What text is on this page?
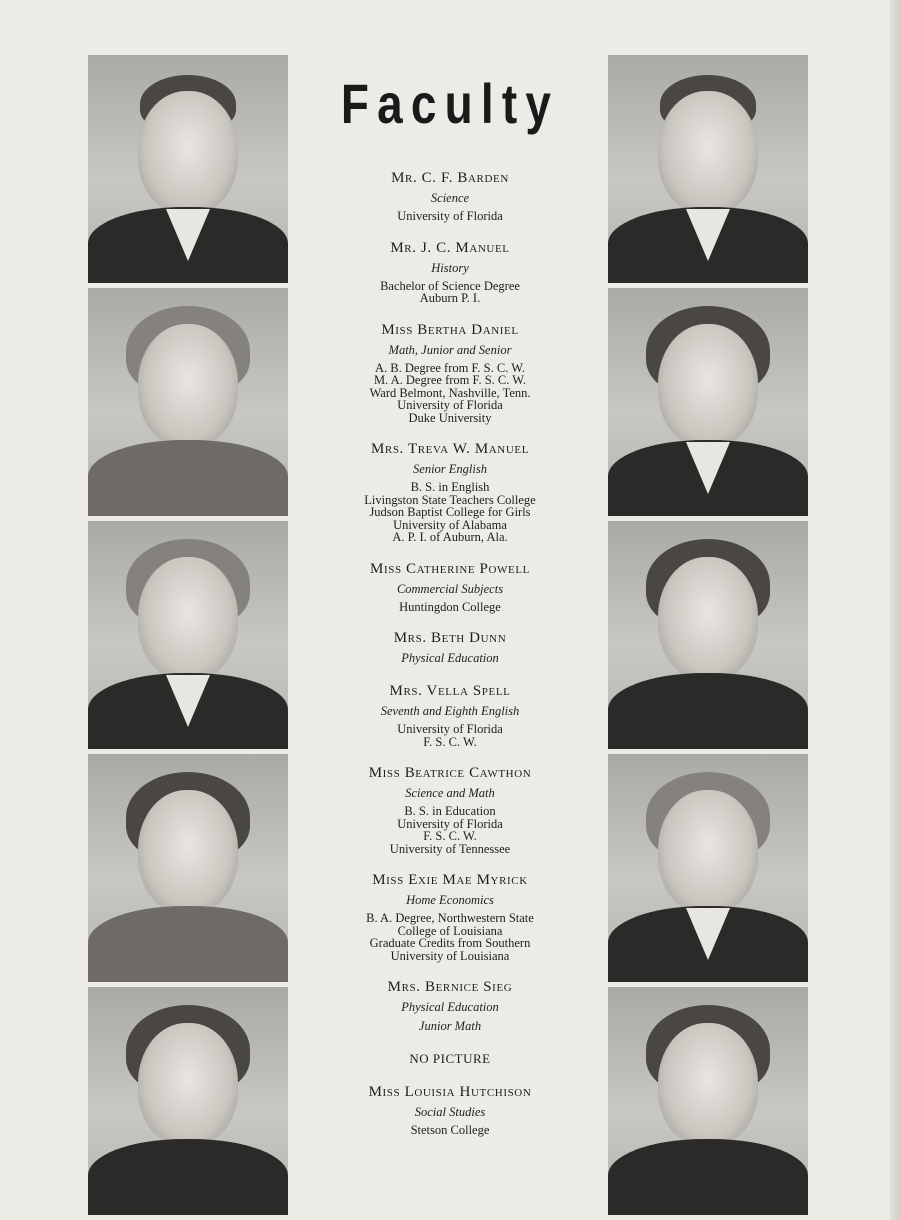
Faculty
Mr. C. F. Barden
Science
University of Florida
Mr. J. C. Manuel
History
Bachelor of Science Degree
Auburn P. I.
Miss Bertha Daniel
Math, Junior and Senior
A. B. Degree from F. S. C. W.
M. A. Degree from F. S. C. W.
Ward Belmont, Nashville, Tenn.
University of Florida
Duke University
Mrs. Treva W. Manuel
Senior English
B. S. in English
Livingston State Teachers College
Judson Baptist College for Girls
University of Alabama
A. P. I. of Auburn, Ala.
Miss Catherine Powell
Commercial Subjects
Huntingdon College
Mrs. Beth Dunn
Physical Education
Mrs. Vella Spell
Seventh and Eighth English
University of Florida
F. S. C. W.
Miss Beatrice Cawthon
Science and Math
B. S. in Education
University of Florida
F. S. C. W.
University of Tennessee
Miss Exie Mae Myrick
Home Economics
B. A. Degree, Northwestern State
College of Louisiana
Graduate Credits from Southern
University of Louisiana
Mrs. Bernice Sieg
Physical Education
Junior Math
NO PICTURE
Miss Louisia Hutchison
Social Studies
Stetson College
